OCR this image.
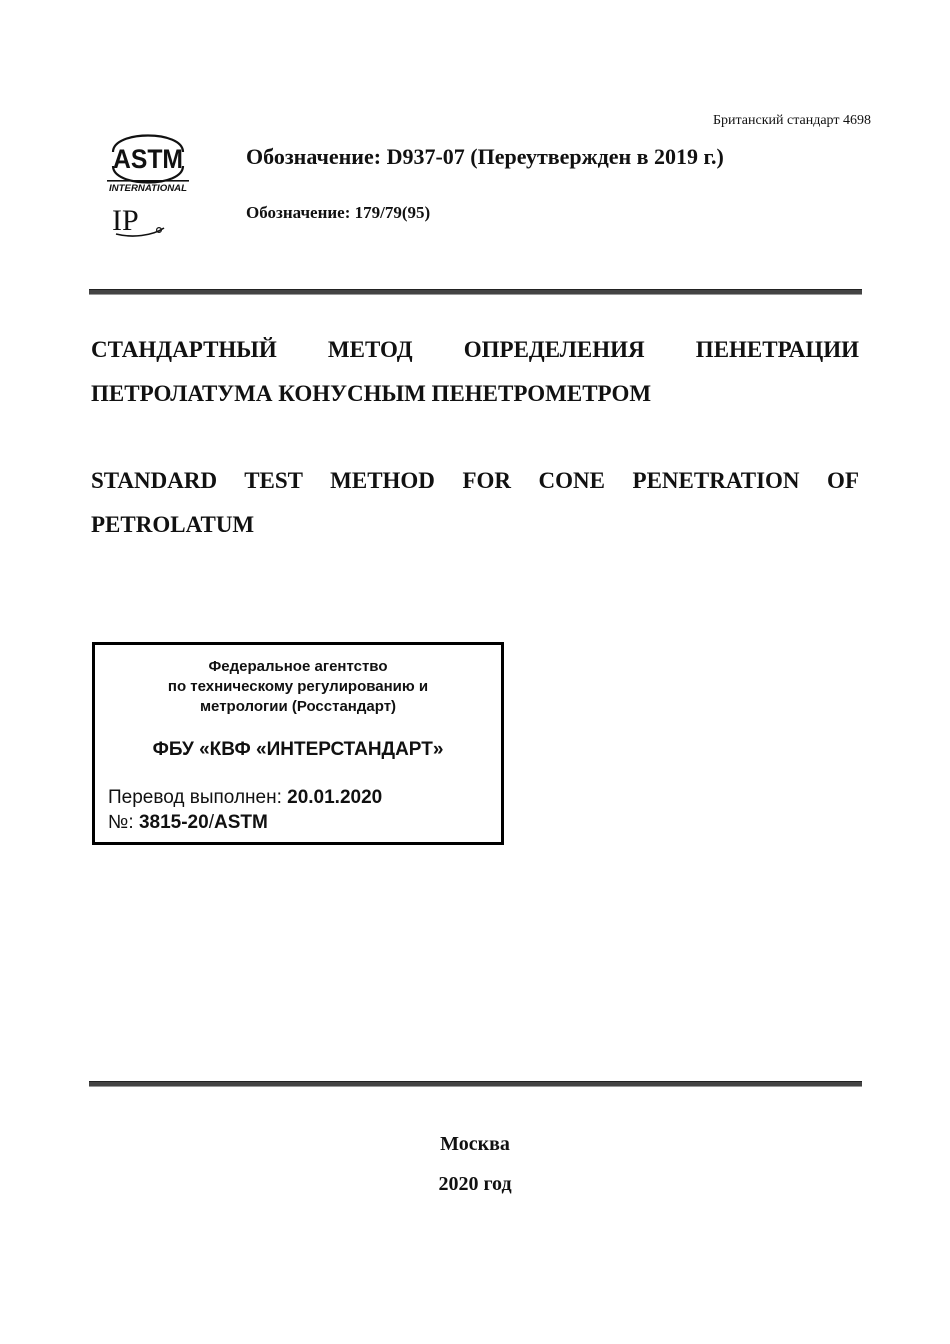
Британский стандарт 4698
ASTM
INTERNATIONAL
IP
Обозначение: D937-07 (Переутвержден в 2019 г.)
Обозначение: 179/79(95)
СТАНДАРТНЫЙ МЕТОД ОПРЕДЕЛЕНИЯ ПЕНЕТРАЦИИ
ПЕТРОЛАТУМА КОНУСНЫМ ПЕНЕТРОМЕТРОМ
STANDARD TEST METHOD FOR CONE PENETRATION OF
PETROLATUM
Федеральное агентство
по техническому регулированию и
метрологии (Росстандарт)
ФБУ «КВФ «ИНТЕРСТАНДАРТ»
Перевод выполнен: 20.01.2020
№: 3815-20/ASTM
Москва
2020 год
